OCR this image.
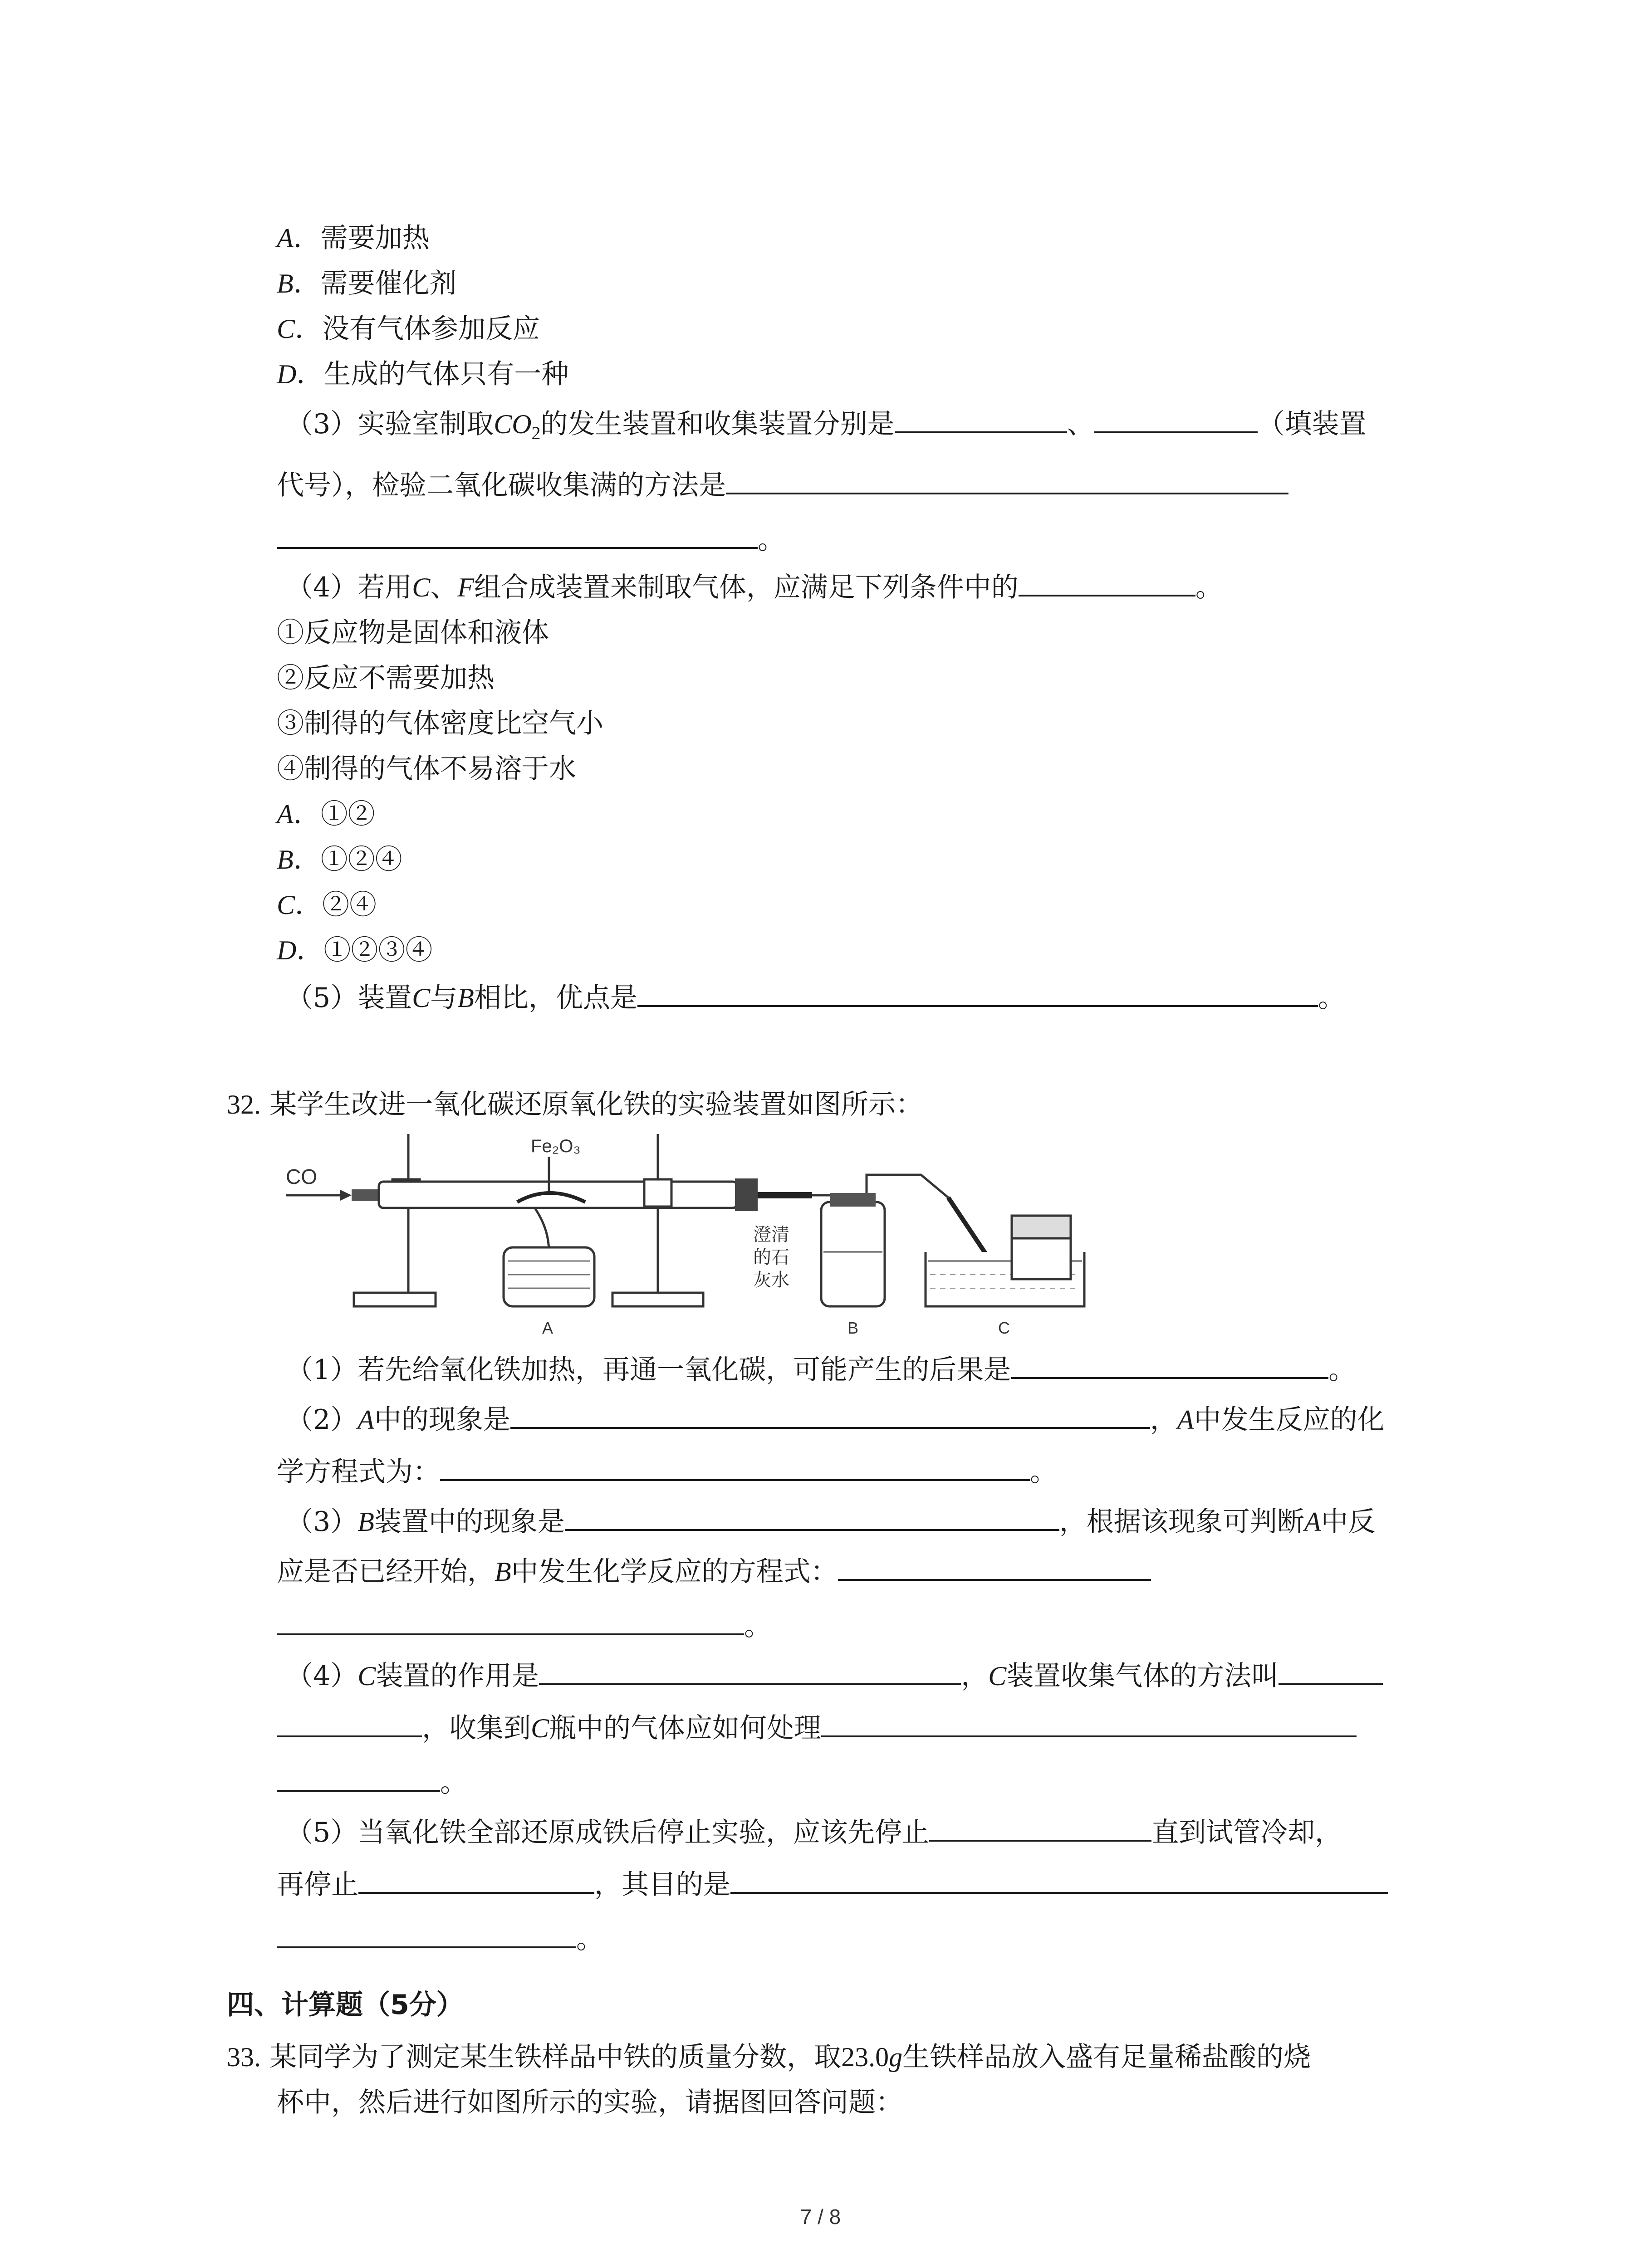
A．需要加热
B．需要催化剂
C．没有气体参加反应
D．生成的气体只有一种
（3）实验室制取$CO_2$的发生装置和收集装置分别是	、	（填装置
代号），检验二氧化碳收集满的方法是
。
（4）若用C、F组合成装置来制取气体，应满足下列条件中的	。
①反应物是固体和液体
②反应不需要加热
③制得的气体密度比空气小
④制得的气体不易溶于水
A．①②
B．①②④
C．②④
D．①②③④
（5）装置C与B相比，优点是	。
32. 某学生改进一氧化碳还原氧化铁的实验装置如图所示：
CO
Fe₂O₃
澄清
的石
灰水
A	B	C
（1）若先给氧化铁加热，再通一氧化碳，可能产生的后果是	。
（2）A中的现象是	，A中发生反应的化
学方程式为：	。
（3）B装置中的现象是	，根据该现象可判断A中反
应是否已经开始，B中发生化学反应的方程式：
。
（4）C装置的作用是	，C装置收集气体的方法叫
，收集到C瓶中的气体应如何处理
。
（5）当氧化铁全部还原成铁后停止实验，应该先停止	直到试管冷却，
再停止	，其目的是
。
四、计算题（5分）
33. 某同学为了测定某生铁样品中铁的质量分数，取23.0g生铁样品放入盛有足量稀盐酸的烧
杯中，然后进行如图所示的实验，请据图回答问题：
7 / 8
